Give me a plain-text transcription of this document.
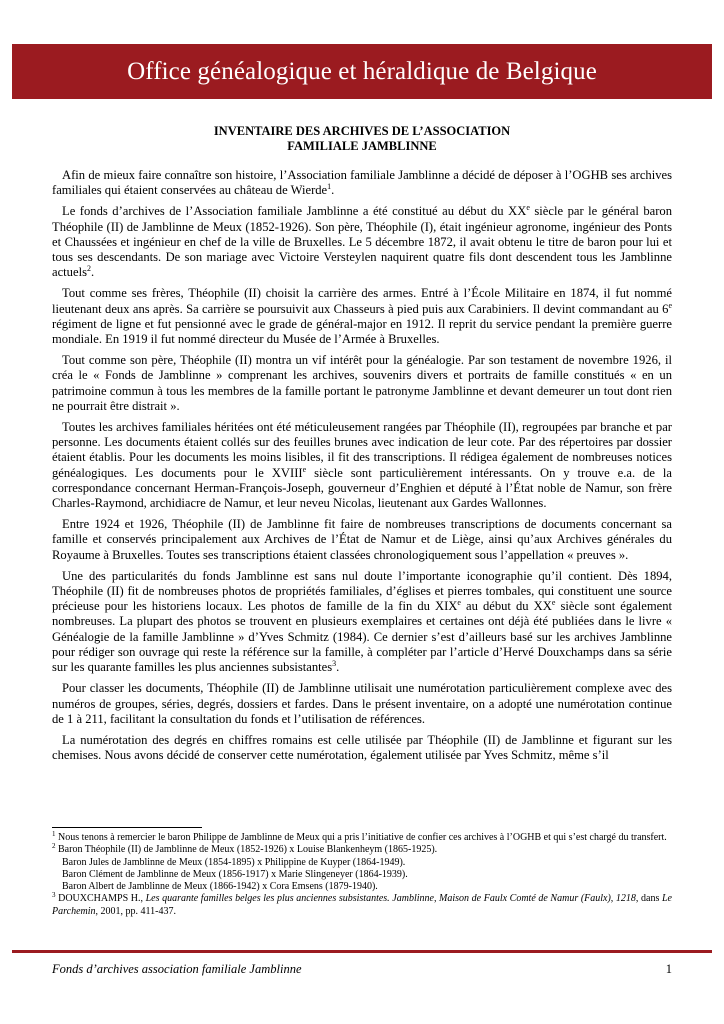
Office généalogique et héraldique de Belgique
INVENTAIRE DES ARCHIVES DE L’ASSOCIATION
FAMILIALE JAMBLINNE

Afin de mieux faire connaître son histoire, l’Association familiale Jamblinne a décidé de déposer à l’OGHB ses archives familiales qui étaient conservées au château de Wierde$^1$.

Le fonds d’archives de l’Association familiale Jamblinne a été constitué au début du XXe siècle par le général baron Théophile (II) de Jamblinne de Meux (1852-1926). Son père, Théophile (I), était ingénieur agronome, ingénieur des Ponts et Chaussées et ingénieur en chef de la ville de Bruxelles. Le 5 décembre 1872, il avait obtenu le titre de baron pour lui et tous ses descendants. De son mariage avec Victoire Versteylen naquirent quatre fils dont descendent tous les Jamblinne actuels$^2$.

Tout comme ses frères, Théophile (II) choisit la carrière des armes. Entré à l’École Militaire en 1874, il fut nommé lieutenant deux ans après. Sa carrière se poursuivit aux Chasseurs à pied puis aux Carabiniers. Il devint commandant au 6e régiment de ligne et fut pensionné avec le grade de général-major en 1912. Il reprit du service pendant la première guerre mondiale. En 1919 il fut nommé directeur du Musée de l’Armée à Bruxelles.

Tout comme son père, Théophile (II) montra un vif intérêt pour la généalogie. Par son testament de novembre 1926, il créa le « Fonds de Jamblinne » comprenant les archives, souvenirs divers et portraits de famille constitués « en un patrimoine commun à tous les membres de la famille portant le patronyme Jamblinne et devant demeurer un tout dont rien ne pourrait être distrait ».

Toutes les archives familiales héritées ont été méticuleusement rangées par Théophile (II), regroupées par branche et par personne. Les documents étaient collés sur des feuilles brunes avec indication de leur cote. Par des répertoires par dossier étaient établis. Pour les documents les moins lisibles, il fit des transcriptions. Il rédigea également de nombreuses notices généalogiques. Les documents pour le XVIIIe siècle sont particulièrement intéressants. On y trouve e.a. de la correspondance concernant Herman-François-Joseph, gouverneur d’Enghien et député à l’État noble de Namur, son frère Charles-Raymond, archidiacre de Namur, et leur neveu Nicolas, lieutenant aux Gardes Wallonnes.

Entre 1924 et 1926, Théophile (II) de Jamblinne fit faire de nombreuses transcriptions de documents concernant sa famille et conservés principalement aux Archives de l’État de Namur et de Liège, ainsi qu’aux Archives générales du Royaume à Bruxelles. Toutes ses transcriptions étaient classées chronologiquement sous l’appellation « preuves ».

Une des particularités du fonds Jamblinne est sans nul doute l’importante iconographie qu’il contient. Dès 1894, Théophile (II) fit de nombreuses photos de propriétés familiales, d’églises et pierres tombales, qui constituent une source précieuse pour les historiens locaux. Les photos de famille de la fin du XIXe au début du XXe siècle sont également nombreuses. La plupart des photos se trouvent en plusieurs exemplaires et certaines ont déjà été publiées dans le livre « Généalogie de la famille Jamblinne » d’Yves Schmitz (1984). Ce dernier s’est d’ailleurs basé sur les archives Jamblinne pour rédiger son ouvrage qui reste la référence sur la famille, à compléter par l’article d’Hervé Douxchamps dans sa série sur les quarante familles les plus anciennes subsistantes$^3$.

Pour classer les documents, Théophile (II) de Jamblinne utilisait une numérotation particulièrement complexe avec des numéros de groupes, séries, degrés, dossiers et fardes. Dans le présent inventaire, on a adopté une numérotation continue de 1 à 211, facilitant la consultation du fonds et l’utilisation de références.

La numérotation des degrés en chiffres romains est celle utilisée par Théophile (II) de Jamblinne et figurant sur les chemises. Nous avons décidé de conserver cette numérotation, également utilisée par Yves Schmitz, même s’il

$^1$ Nous tenons à remercier le baron Philippe de Jamblinne de Meux qui a pris l’initiative de confier ces archives à l’OGHB et qui s’est chargé du transfert.

$^2$ Baron Théophile (II) de Jamblinne de Meux (1852-1926) x Louise Blankenheym (1865-1925).

Baron Jules de Jamblinne de Meux (1854-1895) x Philippine de Kuyper (1864-1949).

Baron Clément de Jamblinne de Meux (1856-1917) x Marie Slingeneyer (1864-1939).

Baron Albert de Jamblinne de Meux (1866-1942) x Cora Emsens (1879-1940).

$^3$ DOUXCHAMPS H., Les quarante familles belges les plus anciennes subsistantes. Jamblinne, Maison de Faulx Comté de Namur (Faulx), 1218, dans Le Parchemin, 2001, pp. 411-437.

Fonds d’archives association familiale Jamblinne	1
